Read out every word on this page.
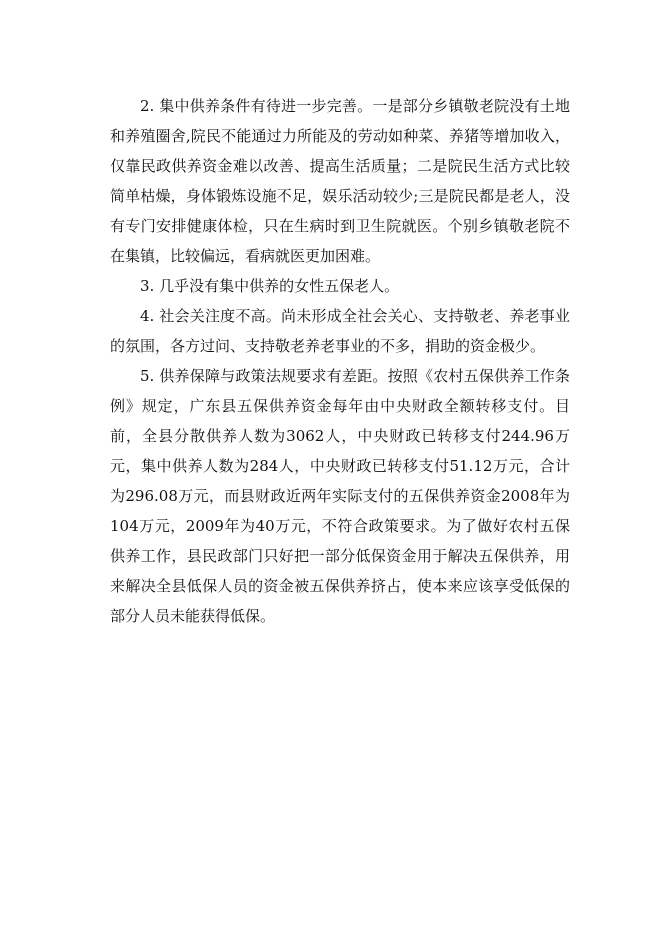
2. 集中供养条件有待进一步完善。一是部分乡镇敬老院没有土地和养殖圈舍,院民不能通过力所能及的劳动如种菜、养猪等增加收入，仅靠民政供养资金难以改善、提高生活质量；二是院民生活方式比较简单枯燥，身体锻炼设施不足，娱乐活动较少;三是院民都是老人，没有专门安排健康体检，只在生病时到卫生院就医。个别乡镇敬老院不在集镇，比较偏远，看病就医更加困难。

3. 几乎没有集中供养的女性五保老人。

4. 社会关注度不高。尚未形成全社会关心、支持敬老、养老事业的氛围，各方过问、支持敬老养老事业的不多，捐助的资金极少。

5. 供养保障与政策法规要求有差距。按照《农村五保供养工作条例》规定，广东县五保供养资金每年由中央财政全额转移支付。目前，全县分散供养人数为3062人，中央财政已转移支付244.96万元，集中供养人数为284人，中央财政已转移支付51.12万元，合计为296.08万元，而县财政近两年实际支付的五保供养资金2008年为104万元，2009年为40万元，不符合政策要求。为了做好农村五保供养工作，县民政部门只好把一部分低保资金用于解决五保供养，用来解决全县低保人员的资金被五保供养挤占，使本来应该享受低保的部分人员未能获得低保。
